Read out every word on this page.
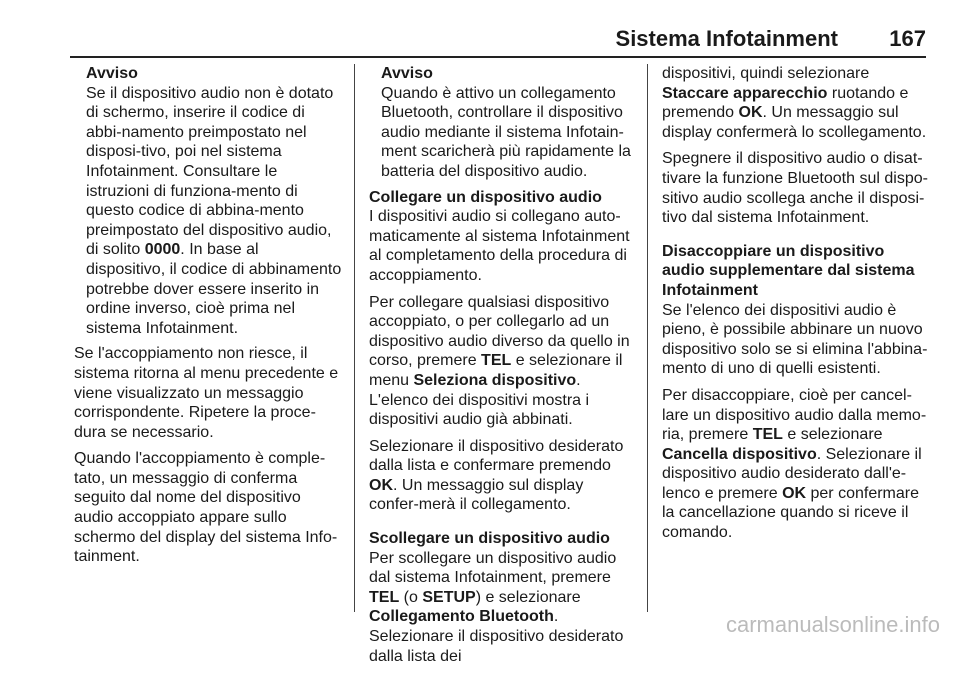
Sistema Infotainment 167
Avviso

Se il dispositivo audio non è dotato di schermo, inserire il codice di abbi-namento preimpostato nel disposi-tivo, poi nel sistema Infotainment. Consultare le istruzioni di funziona-mento di questo codice di abbina-mento preimpostato del dispositivo audio, di solito 0000. In base al dispositivo, il codice di abbinamento potrebbe dover essere inserito in ordine inverso, cioè prima nel sistema Infotainment.

Se l'accoppiamento non riesce, il sistema ritorna al menu precedente e viene visualizzato un messaggio corrispondente. Ripetere la proce-dura se necessario.

Quando l'accoppiamento è comple-tato, un messaggio di conferma seguito dal nome del dispositivo audio accoppiato appare sullo schermo del display del sistema Info-tainment.

Avviso

Quando è attivo un collegamento Bluetooth, controllare il dispositivo audio mediante il sistema Infotain-ment scaricherà più rapidamente la batteria del dispositivo audio.

Collegare un dispositivo audio

I dispositivi audio si collegano auto-maticamente al sistema Infotainment al completamento della procedura di accoppiamento.

Per collegare qualsiasi dispositivo accoppiato, o per collegarlo ad un dispositivo audio diverso da quello in corso, premere TEL e selezionare il menu Seleziona dispositivo. L'elenco dei dispositivi mostra i dispositivi audio già abbinati.

Selezionare il dispositivo desiderato dalla lista e confermare premendo OK. Un messaggio sul display confer-merà il collegamento.

Scollegare un dispositivo audio

Per scollegare un dispositivo audio dal sistema Infotainment, premere TEL (o SETUP) e selezionare Collegamento Bluetooth. Selezionare il dispositivo desiderato dalla lista dei

dispositivi, quindi selezionare Staccare apparecchio ruotando e premendo OK. Un messaggio sul display confermerà lo scollegamento.

Spegnere il dispositivo audio o disat-tivare la funzione Bluetooth sul dispo-sitivo audio scollega anche il disposi-tivo dal sistema Infotainment.

Disaccoppiare un dispositivo audio supplementare dal sistema Infotainment

Se l'elenco dei dispositivi audio è pieno, è possibile abbinare un nuovo dispositivo solo se si elimina l'abbina-mento di uno di quelli esistenti.

Per disaccoppiare, cioè per cancel-lare un dispositivo audio dalla memo-ria, premere TEL e selezionare Cancella dispositivo. Selezionare il dispositivo audio desiderato dall'e-lenco e premere OK per confermare la cancellazione quando si riceve il comando.

carmanualsonline.info
